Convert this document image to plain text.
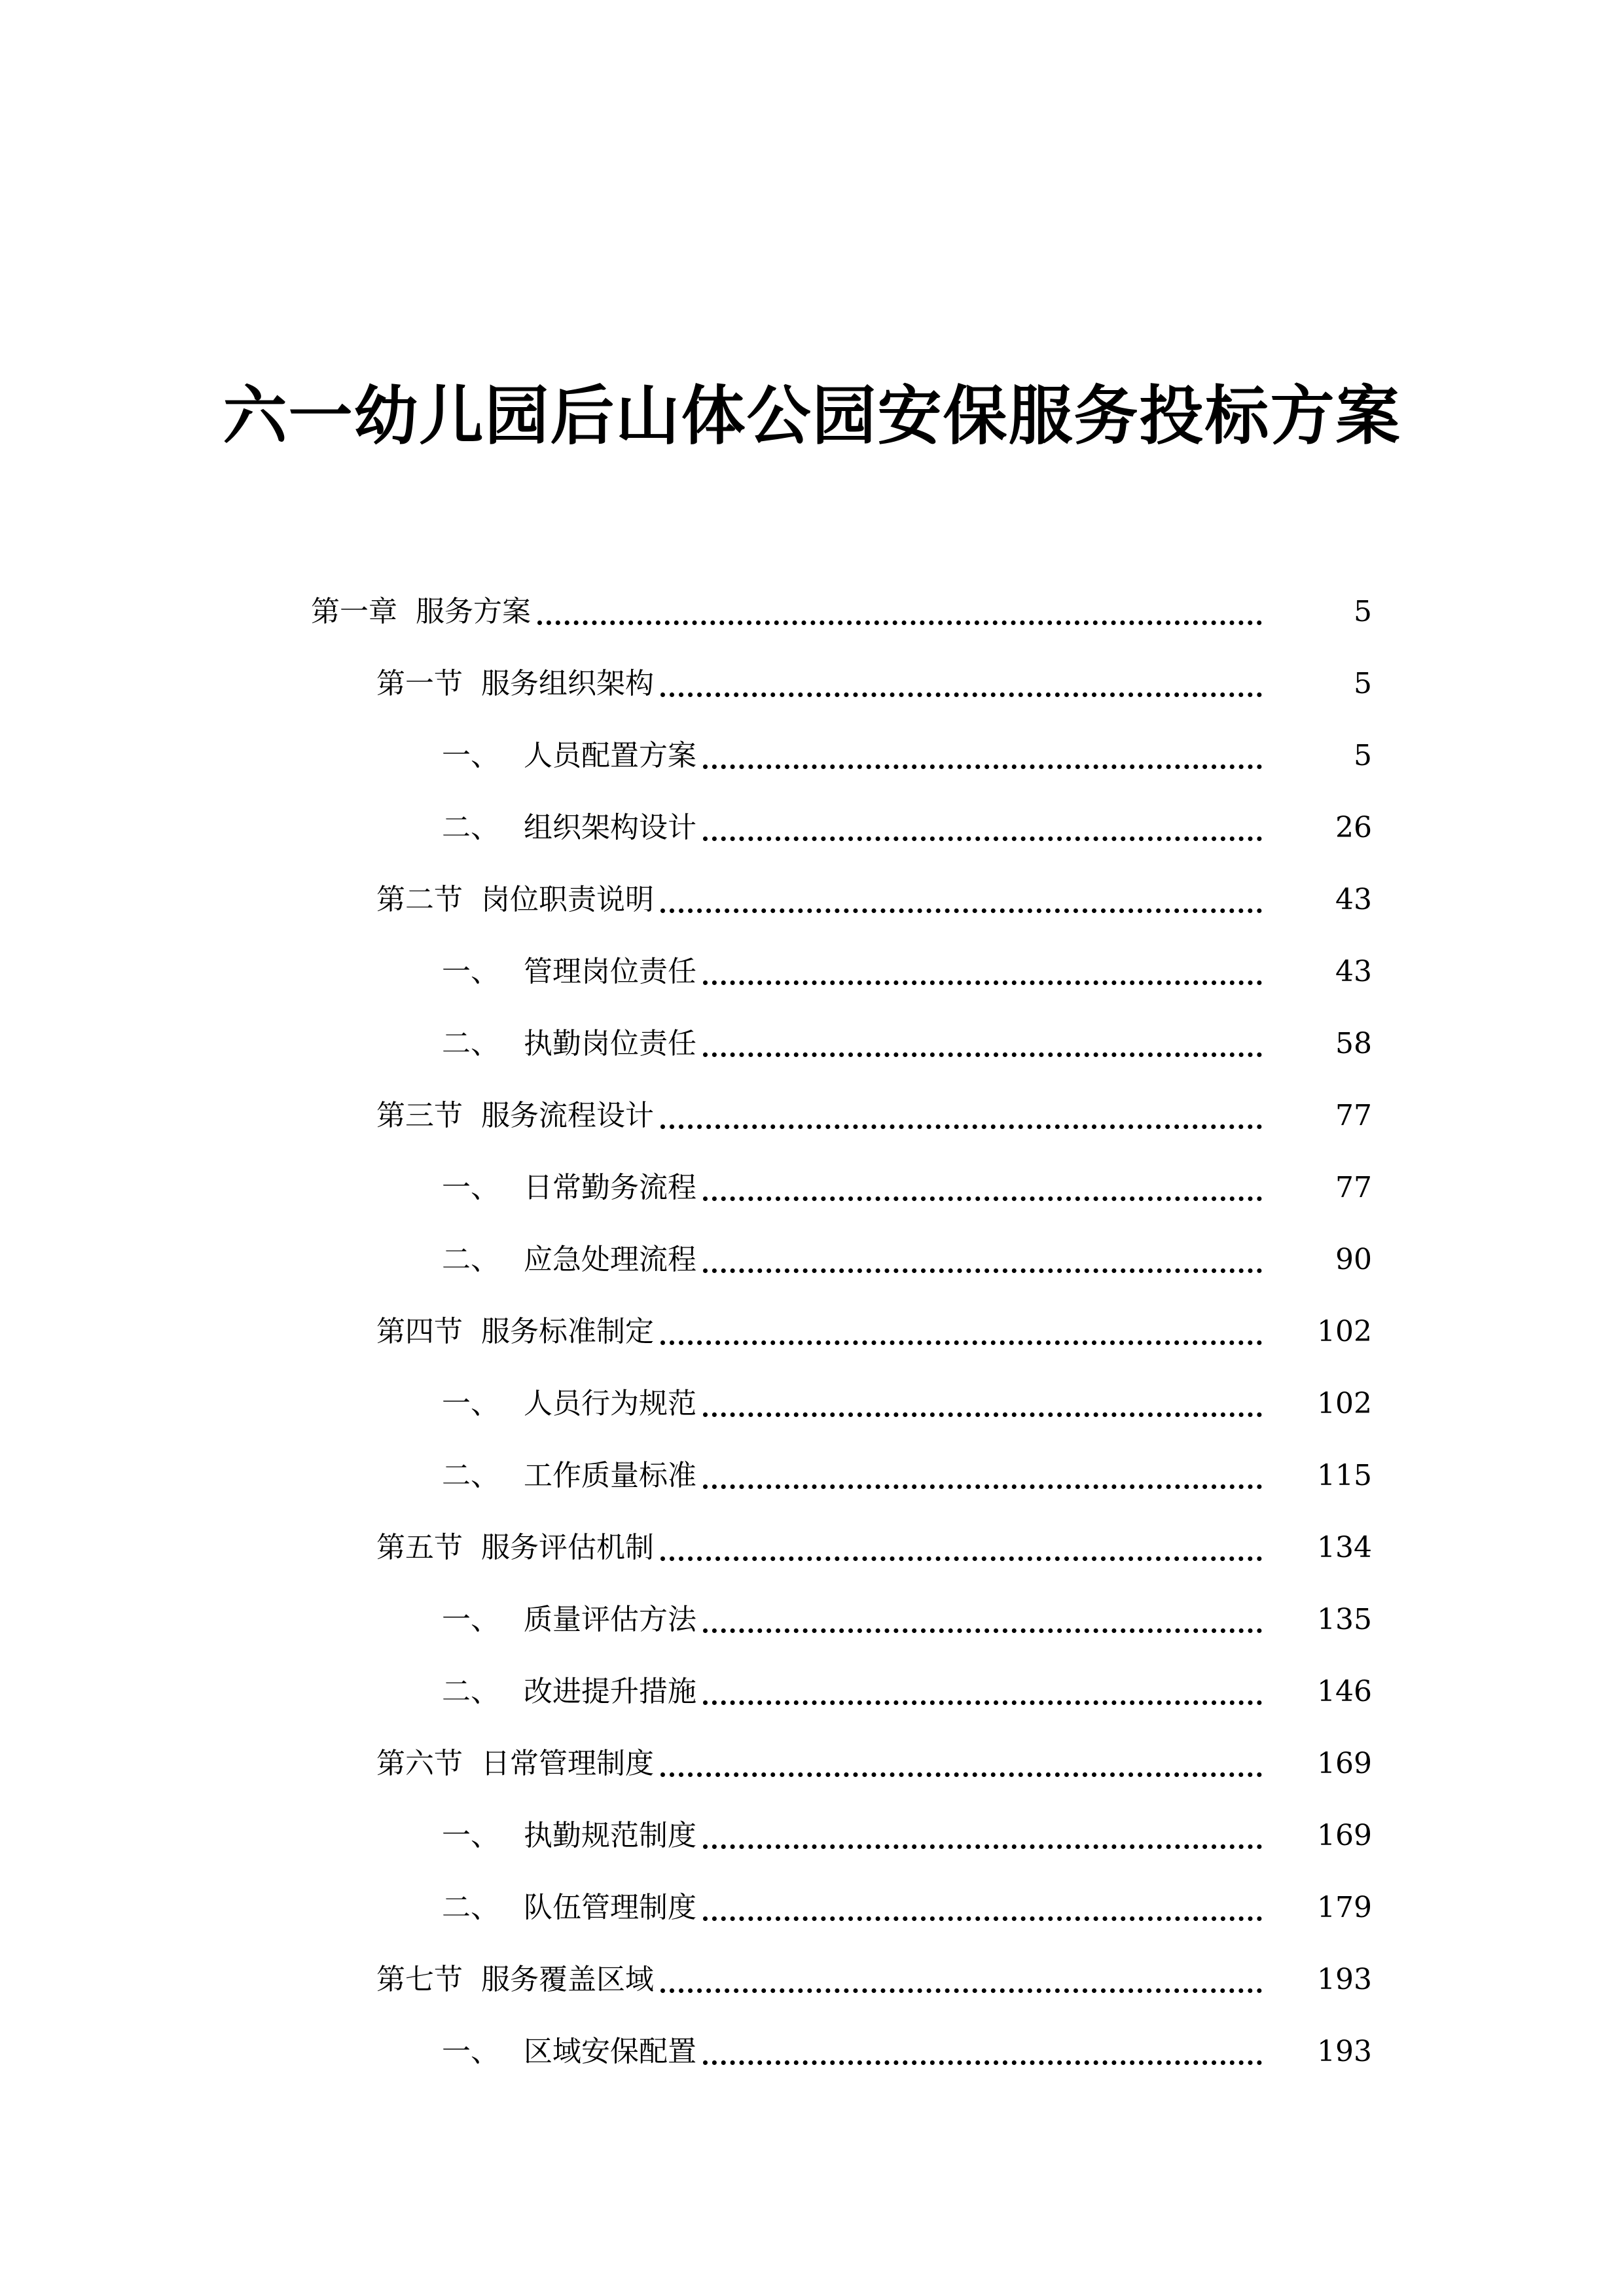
六一幼儿园后山体公园安保服务投标方案
第一章 服务方案	5
第一节 服务组织架构	5
一、 人员配置方案	5
二、 组织架构设计	26
第二节 岗位职责说明	43
一、 管理岗位责任	43
二、 执勤岗位责任	58
第三节 服务流程设计	77
一、 日常勤务流程	77
二、 应急处理流程	90
第四节 服务标准制定	102
一、 人员行为规范	102
二、 工作质量标准	115
第五节 服务评估机制	134
一、 质量评估方法	135
二、 改进提升措施	146
第六节 日常管理制度	169
一、 执勤规范制度	169
二、 队伍管理制度	179
第七节 服务覆盖区域	193
一、 区域安保配置	193
